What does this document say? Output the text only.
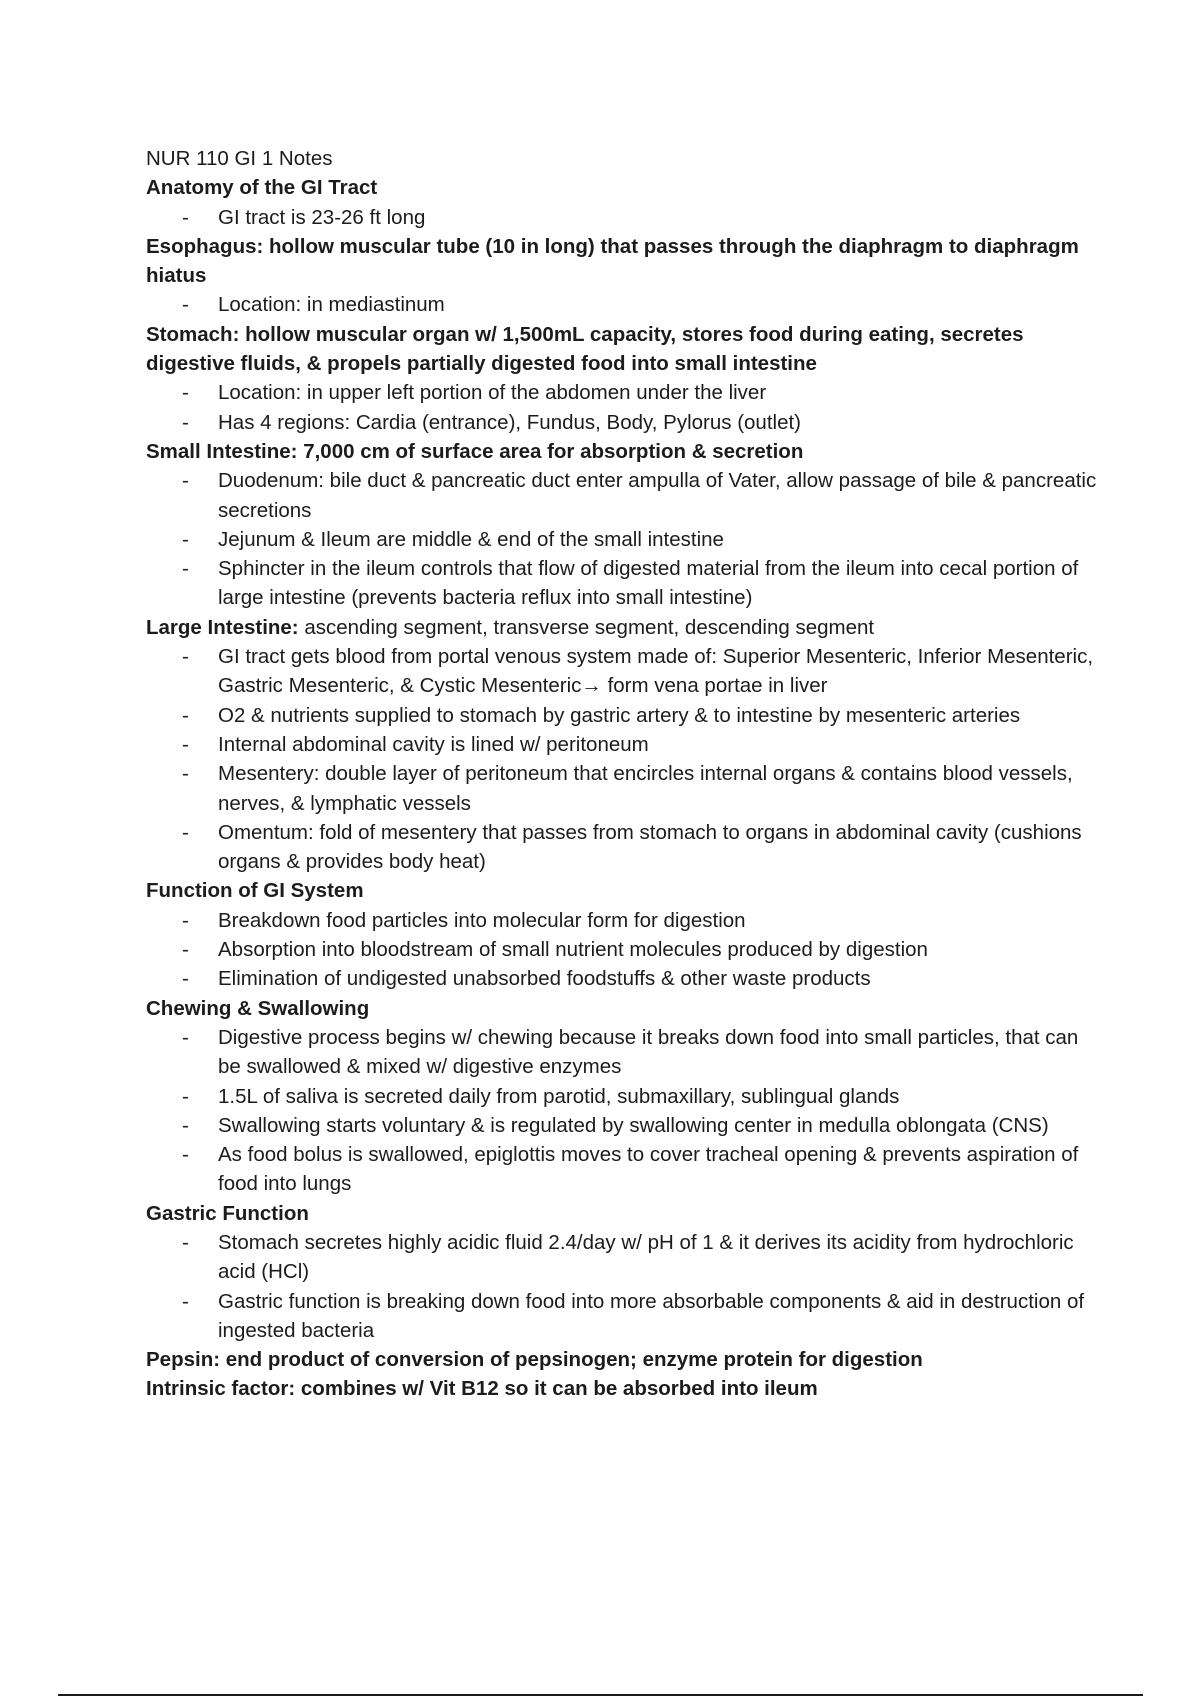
NUR 110 GI 1 Notes

Anatomy of the GI Tract

- GI tract is 23-26 ft long

Esophagus: hollow muscular tube (10 in long) that passes through the diaphragm to diaphragm hiatus

- Location: in mediastinum

Stomach: hollow muscular organ w/ 1,500mL capacity, stores food during eating, secretes digestive fluids, & propels partially digested food into small intestine

- Location: in upper left portion of the abdomen under the liver
- Has 4 regions: Cardia (entrance), Fundus, Body, Pylorus (outlet)

Small Intestine: 7,000 cm of surface area for absorption & secretion

- Duodenum: bile duct & pancreatic duct enter ampulla of Vater, allow passage of bile & pancreatic secretions
- Jejunum & Ileum are middle & end of the small intestine
- Sphincter in the ileum controls that flow of digested material from the ileum into cecal portion of large intestine (prevents bacteria reflux into small intestine)

Large Intestine: ascending segment, transverse segment, descending segment

- GI tract gets blood from portal venous system made of: Superior Mesenteric, Inferior Mesenteric, Gastric Mesenteric, & Cystic Mesenteric→ form vena portae in liver
- O2 & nutrients supplied to stomach by gastric artery & to intestine by mesenteric arteries
- Internal abdominal cavity is lined w/ peritoneum
- Mesentery: double layer of peritoneum that encircles internal organs & contains blood vessels, nerves, & lymphatic vessels
- Omentum: fold of mesentery that passes from stomach to organs in abdominal cavity (cushions organs & provides body heat)

Function of GI System

- Breakdown food particles into molecular form for digestion
- Absorption into bloodstream of small nutrient molecules produced by digestion
- Elimination of undigested unabsorbed foodstuffs & other waste products

Chewing & Swallowing

- Digestive process begins w/ chewing because it breaks down food into small particles, that can be swallowed & mixed w/ digestive enzymes
- 1.5L of saliva is secreted daily from parotid, submaxillary, sublingual glands
- Swallowing starts voluntary & is regulated by swallowing center in medulla oblongata (CNS)
- As food bolus is swallowed, epiglottis moves to cover tracheal opening & prevents aspiration of food into lungs

Gastric Function

- Stomach secretes highly acidic fluid 2.4/day w/ pH of 1 & it derives its acidity from hydrochloric acid (HCl)
- Gastric function is breaking down food into more absorbable components & aid in destruction of ingested bacteria

Pepsin: end product of conversion of pepsinogen; enzyme protein for digestion

Intrinsic factor: combines w/ Vit B12 so it can be absorbed into ileum
